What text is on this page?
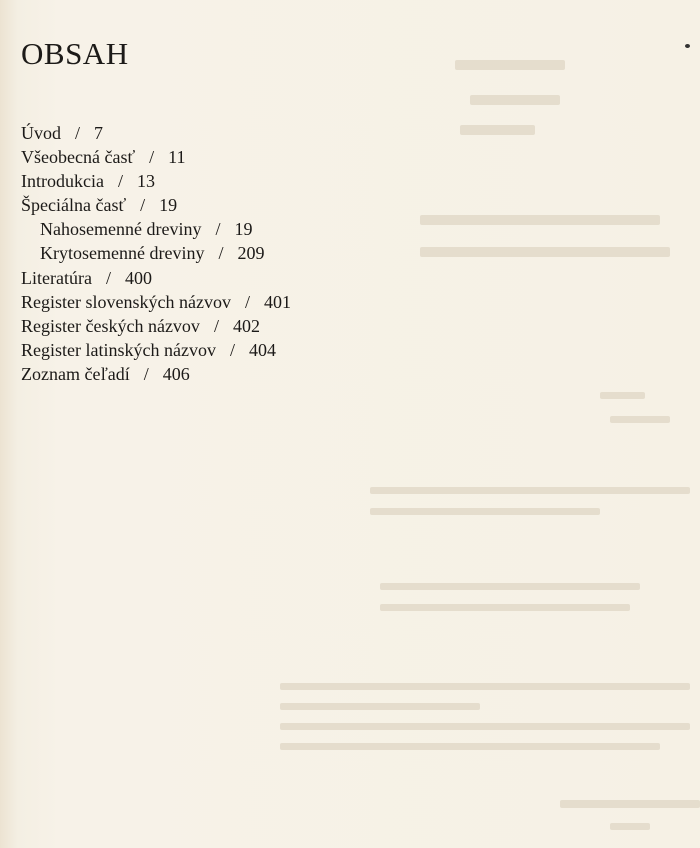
OBSAH
Úvod / 7
Všeobecná časť / 11
Introdukcia / 13
Špeciálna časť / 19
Nahosemenné dreviny / 19
Krytosemenné dreviny / 209
Literatúra / 400
Register slovenských názvov / 401
Register českých názvov / 402
Register latinských názvov / 404
Zoznam čeľadí / 406
